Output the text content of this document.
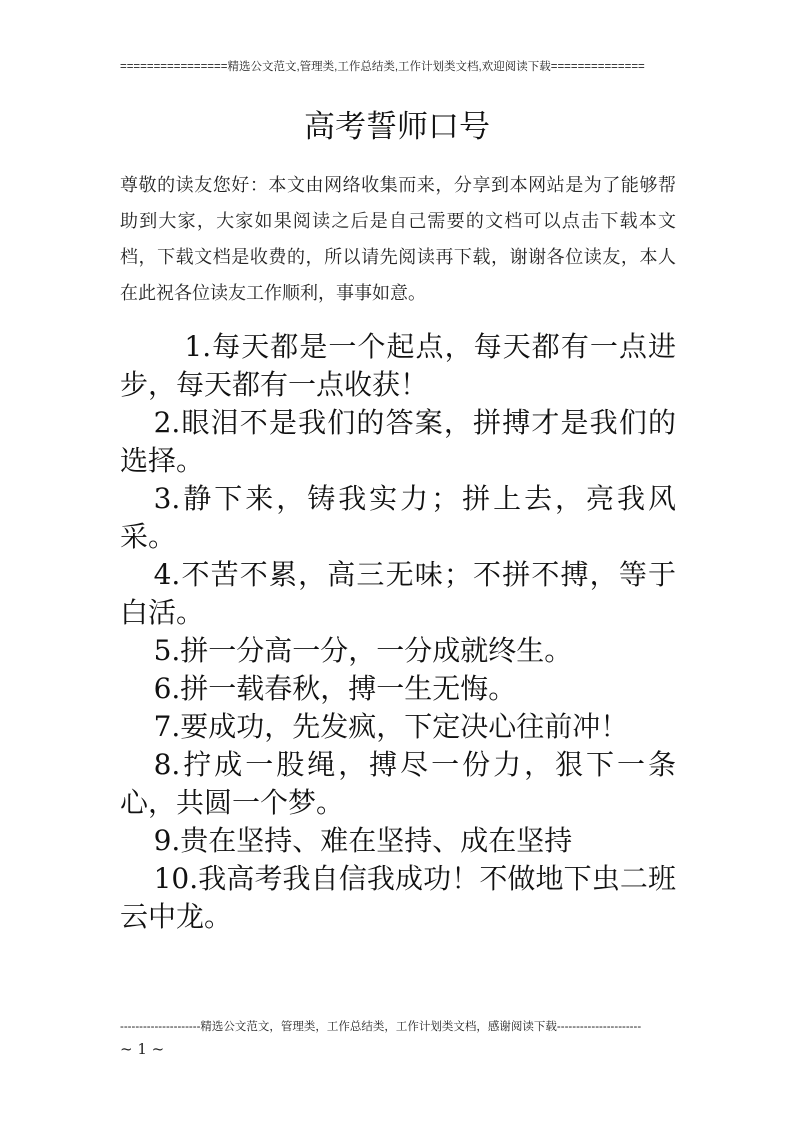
================精选公文范文,管理类,工作总结类,工作计划类文档,欢迎阅读下载==============
高考誓师口号
尊敬的读友您好：本文由网络收集而来，分享到本网站是为了能够帮助到大家，大家如果阅读之后是自己需要的文档可以点击下载本文档，下载文档是收费的，所以请先阅读再下载，谢谢各位读友，本人在此祝各位读友工作顺利，事事如意。
1.每天都是一个起点，每天都有一点进步，每天都有一点收获！
2.眼泪不是我们的答案，拼搏才是我们的选择。
3.静下来，铸我实力；拼上去，亮我风采。
4.不苦不累，高三无味；不拼不搏，等于白活。
5.拼一分高一分，一分成就终生。
6.拼一载春秋，搏一生无悔。
7.要成功，先发疯，下定决心往前冲！
8.拧成一股绳，搏尽一份力，狠下一条心，共圆一个梦。
9.贵在坚持、难在坚持、成在坚持
10.我高考我自信我成功！不做地下虫二班云中龙。
---------------------精选公文范文，管理类，工作总结类，工作计划类文档，感谢阅读下载----------------------
~ 1 ~
